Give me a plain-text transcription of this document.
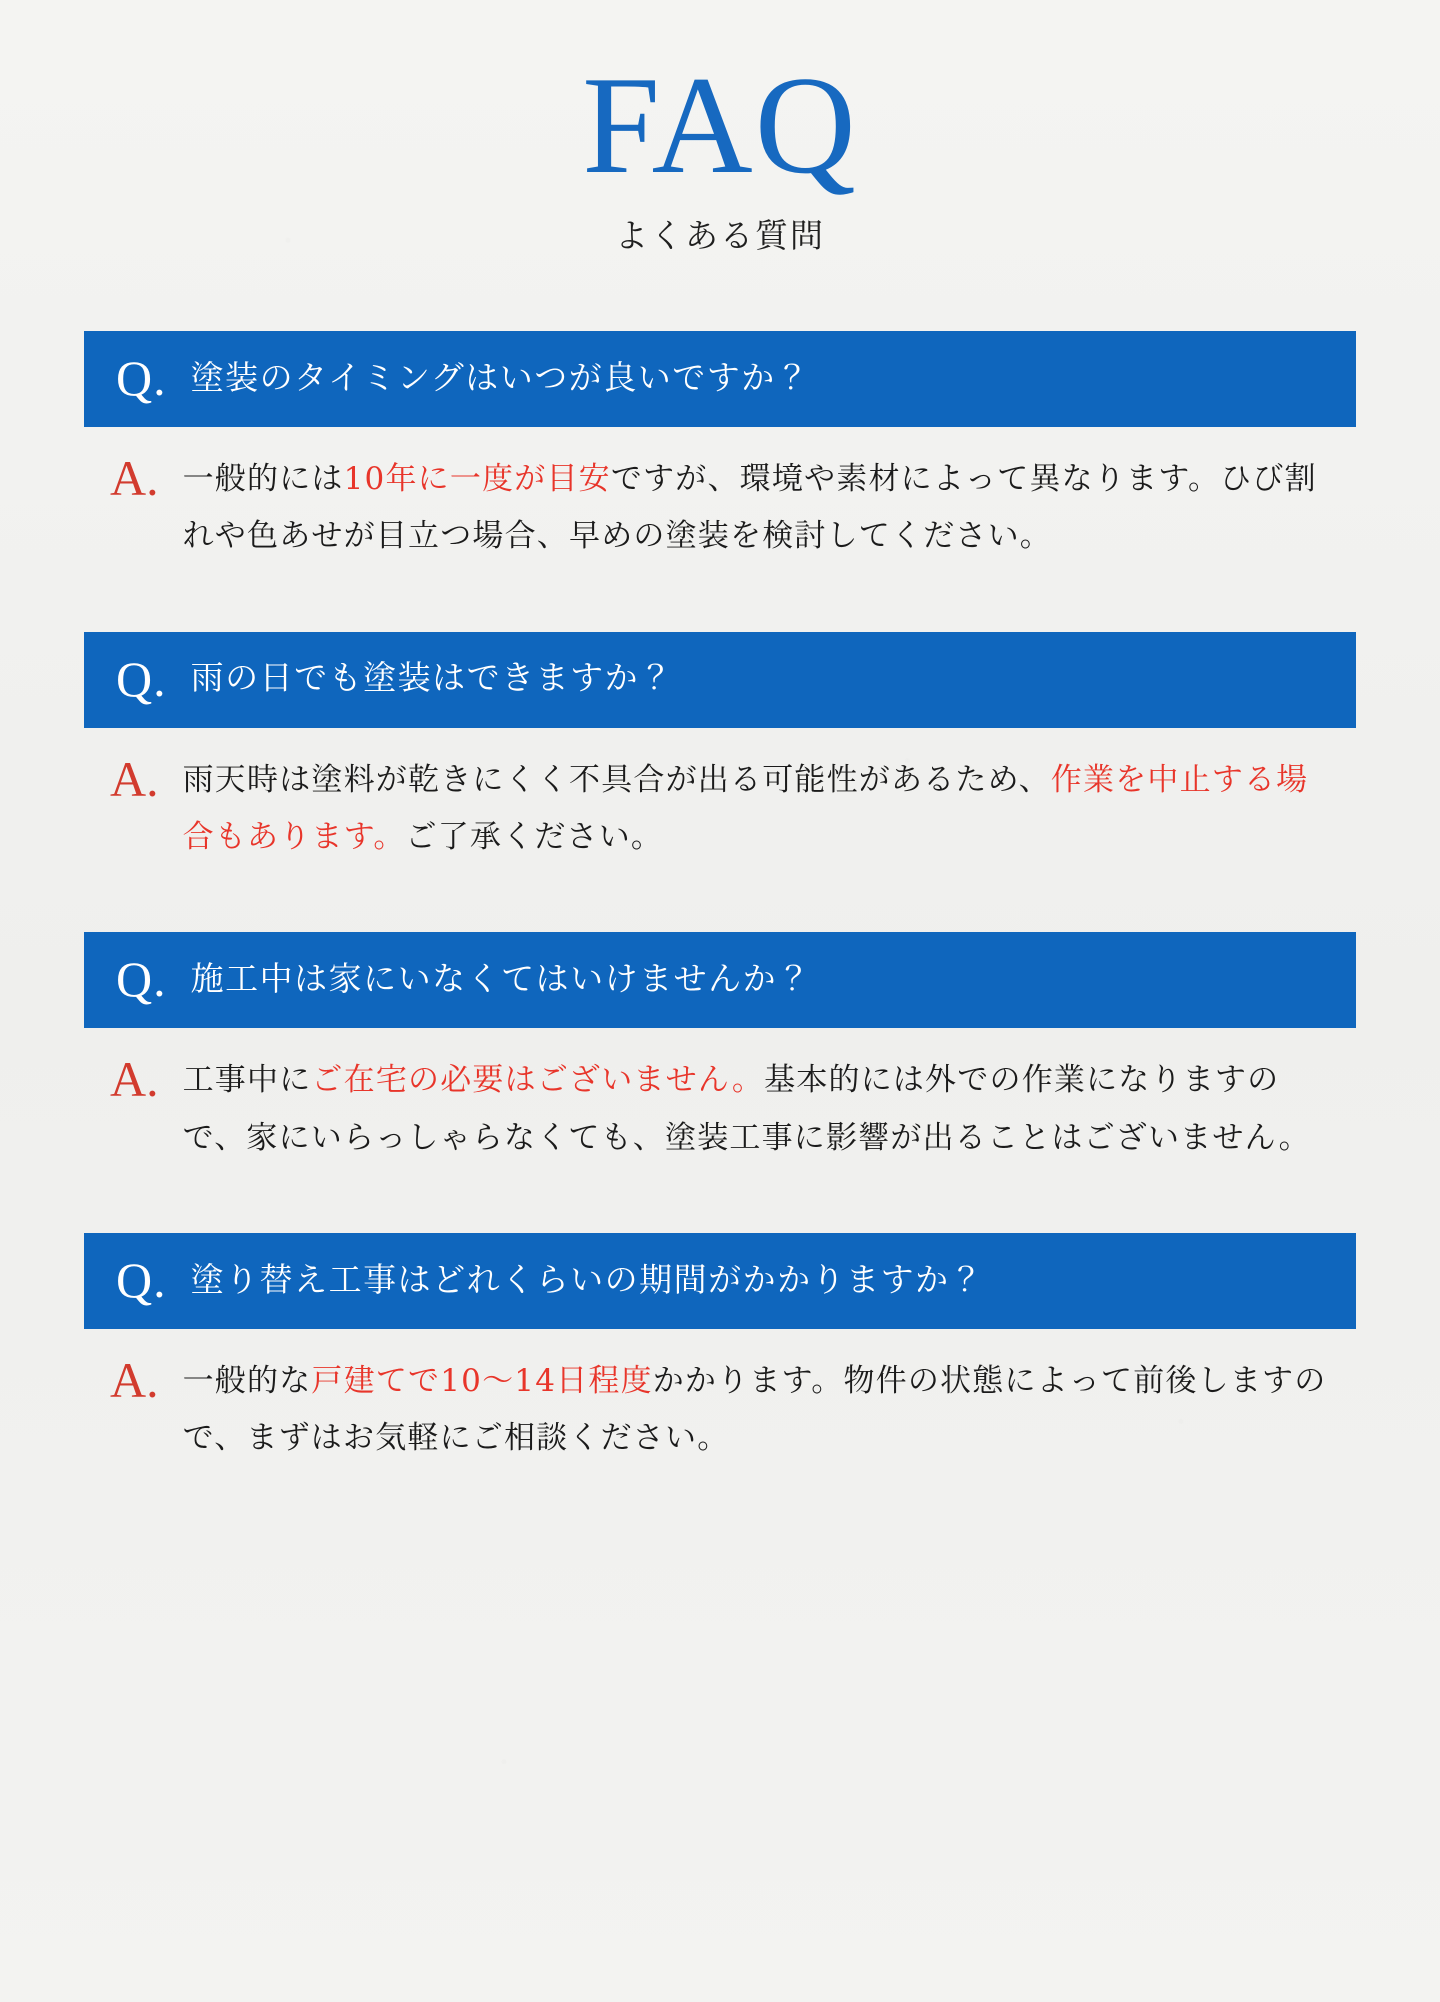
FAQ

よくある質問

Q. 塗装のタイミングはいつが良いですか？
A. 一般的には10年に一度が目安ですが、環境や素材によって異なります。ひび割れや色あせが目立つ場合、早めの塗装を検討してください。
Q. 雨の日でも塗装はできますか？
A. 雨天時は塗料が乾きにくく不具合が出る可能性があるため、作業を中止する場合もあります。ご了承ください。
Q. 施工中は家にいなくてはいけませんか？
A. 工事中にご在宅の必要はございません。基本的には外での作業になりますので、家にいらっしゃらなくても、塗装工事に影響が出ることはございません。
Q. 塗り替え工事はどれくらいの期間がかかりますか？
A. 一般的な戸建てで10〜14日程度かかります。物件の状態によって前後しますので、まずはお気軽にご相談ください。
